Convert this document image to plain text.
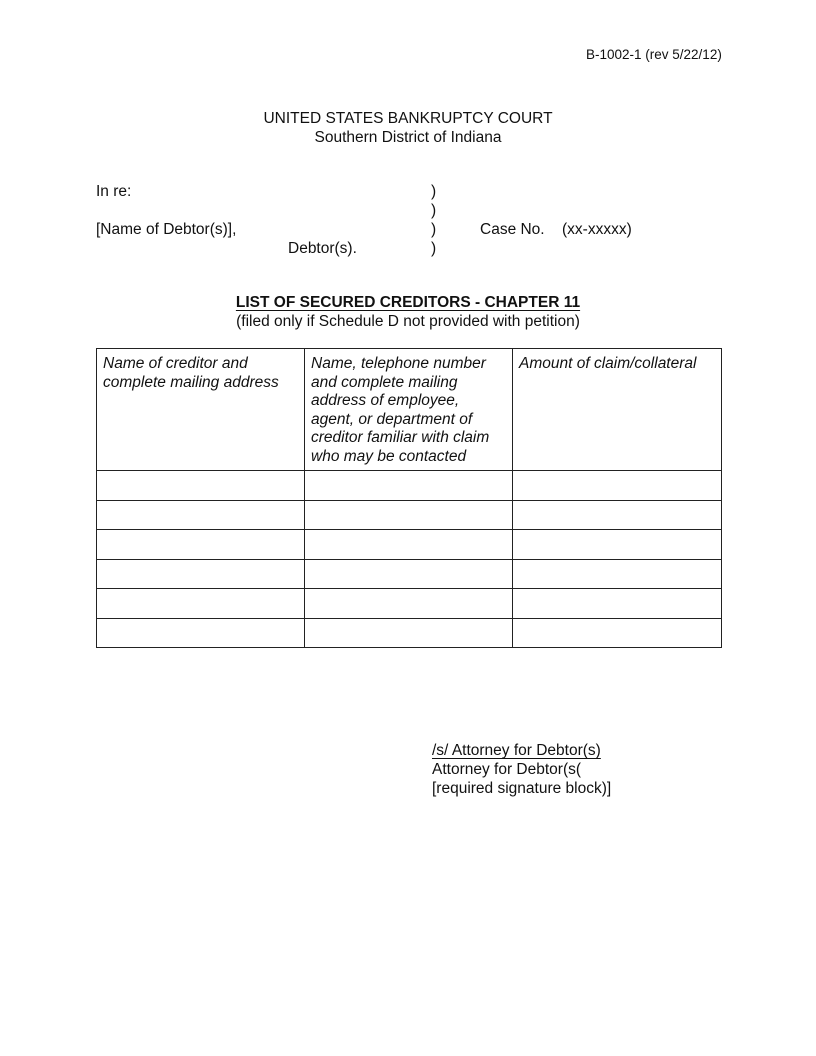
B-1002-1 (rev 5/22/12)
UNITED STATES BANKRUPTCY COURT
Southern District of Indiana
In re:
[Name of Debtor(s)],
Debtor(s).
)
)
)
)
Case No. (xx-xxxxx)
LIST OF SECURED CREDITORS - CHAPTER 11
(filed only if Schedule D not provided with petition)
Name of creditor and complete mailing address	Name, telephone number and complete mailing address of employee, agent, or department of creditor familiar with claim who may be contacted	Amount of claim/collateral

/s/ Attorney for Debtor(s)
Attorney for Debtor(s(
[required signature block)]
